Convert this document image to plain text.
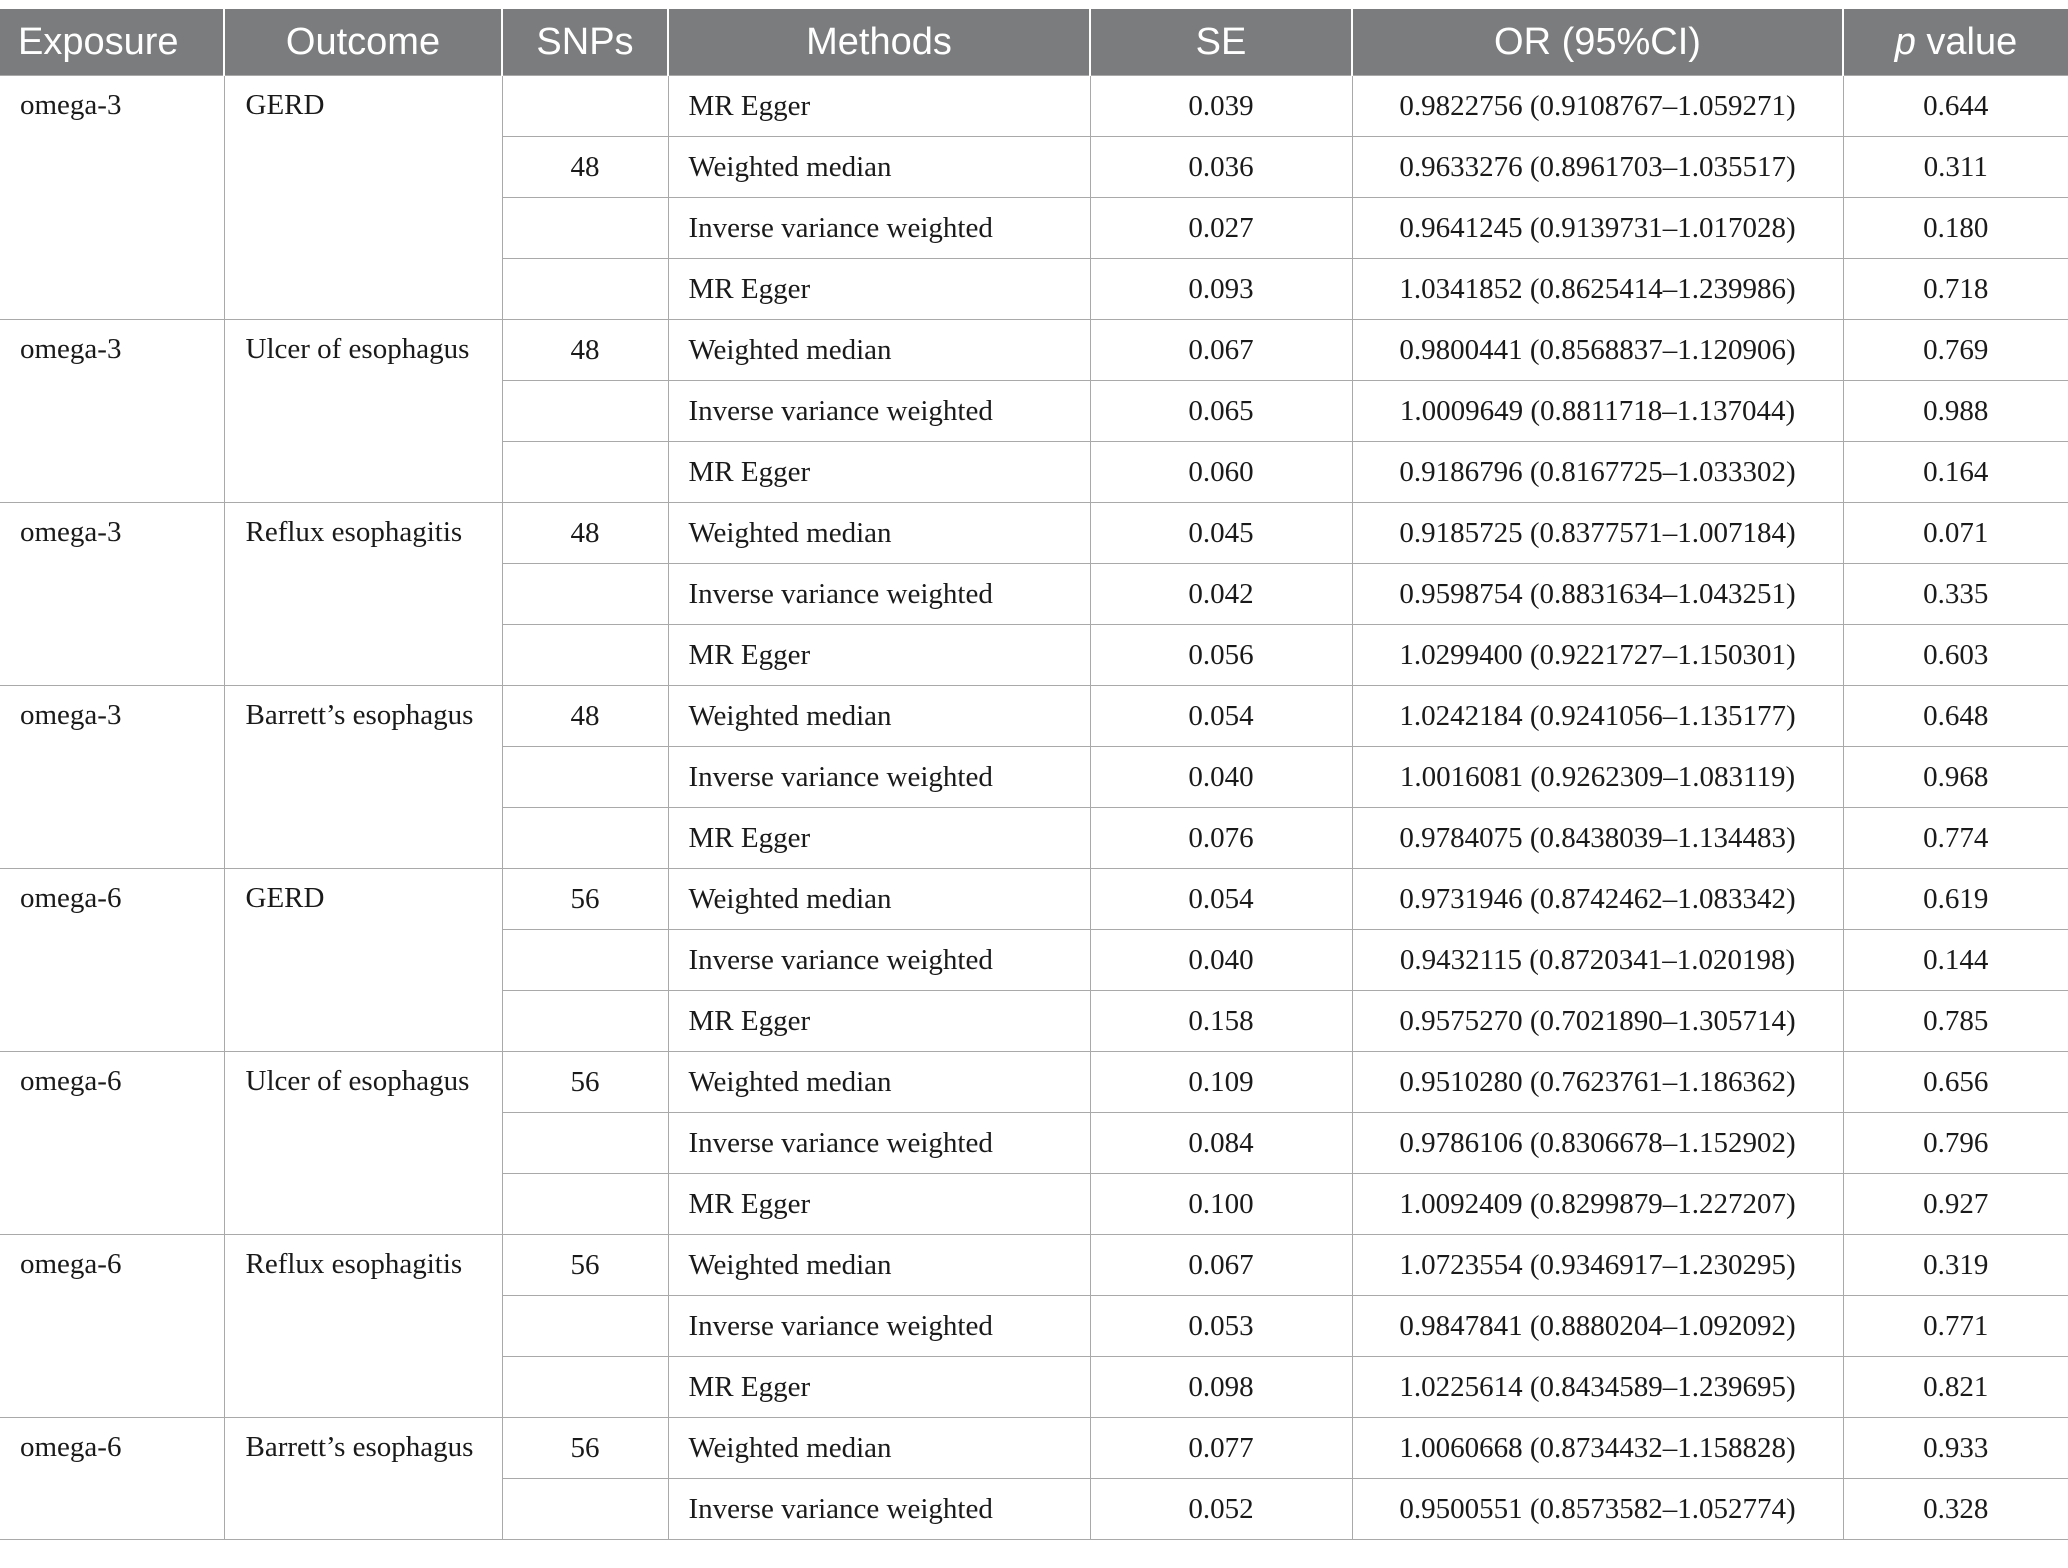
Exposure	Outcome	SNPs	Methods	SE	OR (95%CI)	p value
omega-3	GERD		MR Egger	0.039	0.9822756 (0.9108767–1.059271)	0.644
		48	Weighted median	0.036	0.9633276 (0.8961703–1.035517)	0.311
			Inverse variance weighted	0.027	0.9641245 (0.9139731–1.017028)	0.180
			MR Egger	0.093	1.0341852 (0.8625414–1.239986)	0.718
omega-3	Ulcer of esophagus	48	Weighted median	0.067	0.9800441 (0.8568837–1.120906)	0.769
			Inverse variance weighted	0.065	1.0009649 (0.8811718–1.137044)	0.988
			MR Egger	0.060	0.9186796 (0.8167725–1.033302)	0.164
omega-3	Reflux esophagitis	48	Weighted median	0.045	0.9185725 (0.8377571–1.007184)	0.071
			Inverse variance weighted	0.042	0.9598754 (0.8831634–1.043251)	0.335
			MR Egger	0.056	1.0299400 (0.9221727–1.150301)	0.603
omega-3	Barrett’s esophagus	48	Weighted median	0.054	1.0242184 (0.9241056–1.135177)	0.648
			Inverse variance weighted	0.040	1.0016081 (0.9262309–1.083119)	0.968
			MR Egger	0.076	0.9784075 (0.8438039–1.134483)	0.774
omega-6	GERD	56	Weighted median	0.054	0.9731946 (0.8742462–1.083342)	0.619
			Inverse variance weighted	0.040	0.9432115 (0.8720341–1.020198)	0.144
			MR Egger	0.158	0.9575270 (0.7021890–1.305714)	0.785
omega-6	Ulcer of esophagus	56	Weighted median	0.109	0.9510280 (0.7623761–1.186362)	0.656
			Inverse variance weighted	0.084	0.9786106 (0.8306678–1.152902)	0.796
			MR Egger	0.100	1.0092409 (0.8299879–1.227207)	0.927
omega-6	Reflux esophagitis	56	Weighted median	0.067	1.0723554 (0.9346917–1.230295)	0.319
			Inverse variance weighted	0.053	0.9847841 (0.8880204–1.092092)	0.771
			MR Egger	0.098	1.0225614 (0.8434589–1.239695)	0.821
omega-6	Barrett’s esophagus	56	Weighted median	0.077	1.0060668 (0.8734432–1.158828)	0.933
			Inverse variance weighted	0.052	0.9500551 (0.8573582–1.052774)	0.328
